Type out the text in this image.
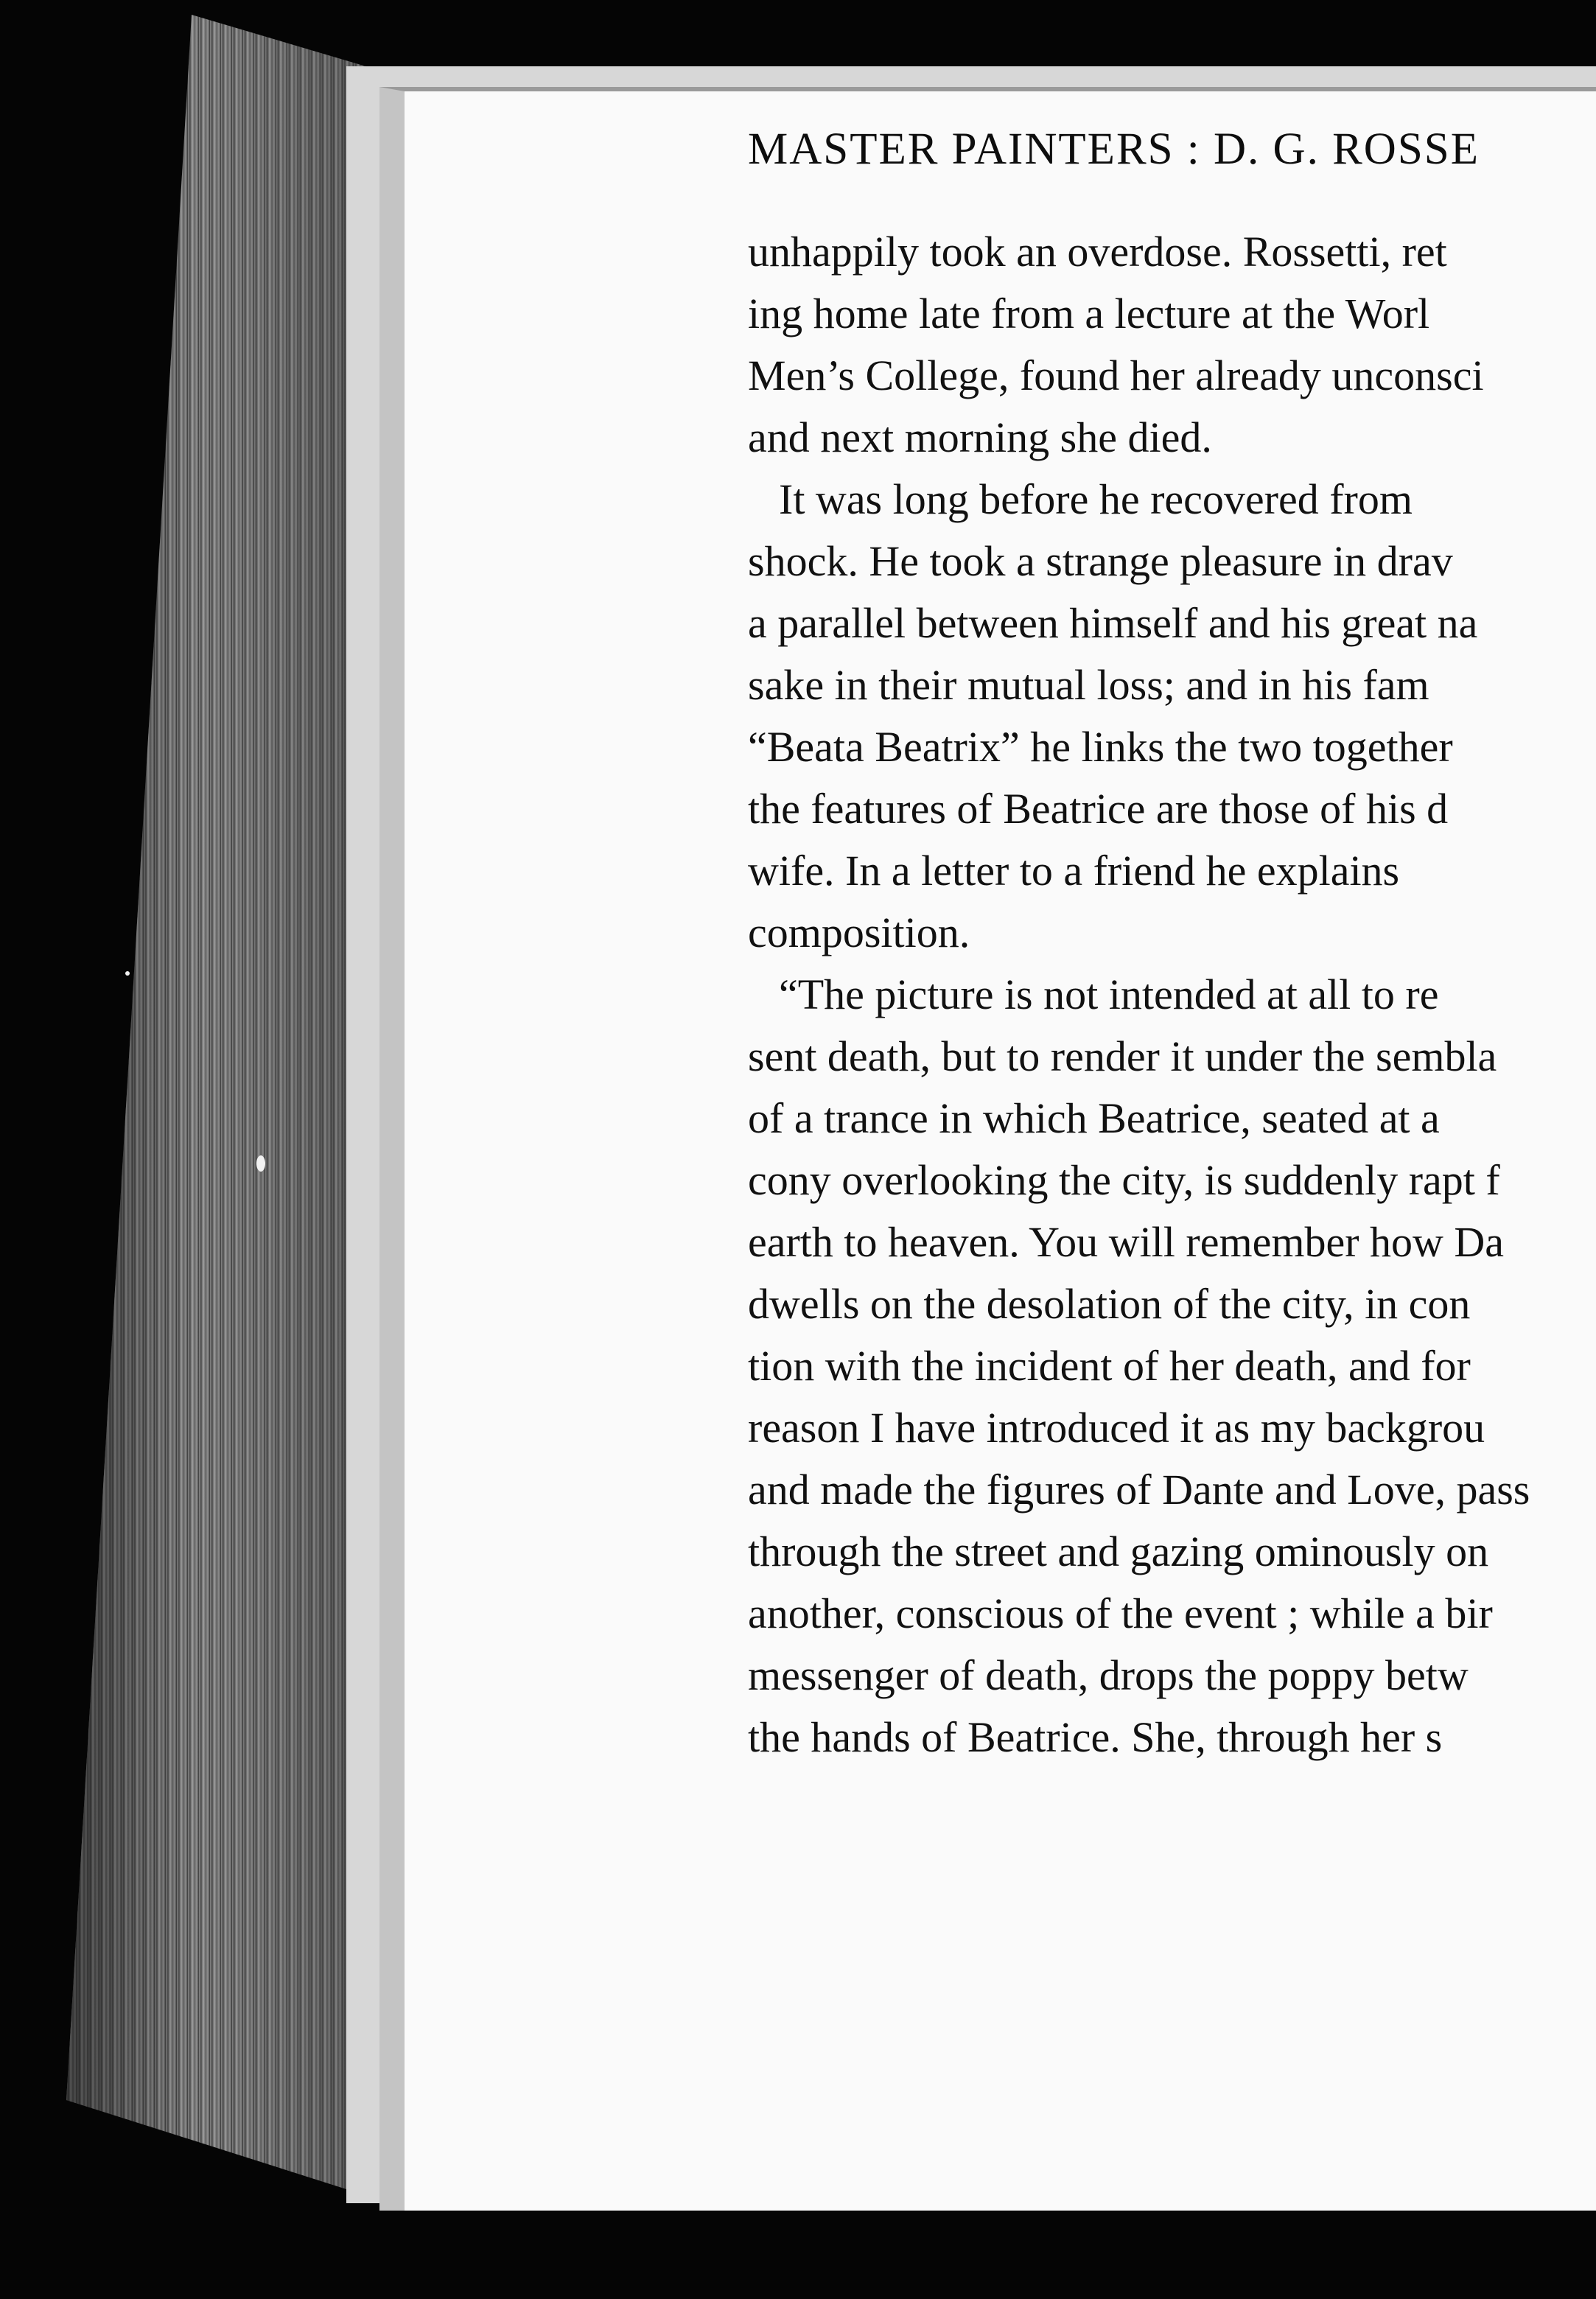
MASTER PAINTERS : D. G. ROSSE
unhappily took an overdose. Rossetti, ret
ing home late from a lecture at the Worl
Men’s College, found her already unconsci
and next morning she died.
It was long before he recovered from
shock. He took a strange pleasure in drav
a parallel between himself and his great na
sake in their mutual loss; and in his fam
“Beata Beatrix” he links the two together
the features of Beatrice are those of his d
wife. In a letter to a friend he explains
composition.
“The picture is not intended at all to re
sent death, but to render it under the sembla
of a trance in which Beatrice, seated at a
cony overlooking the city, is suddenly rapt f
earth to heaven. You will remember how Da
dwells on the desolation of the city, in con
tion with the incident of her death, and for
reason I have introduced it as my backgrou
and made the figures of Dante and Love, pass
through the street and gazing ominously on
another, conscious of the event ; while a bir
messenger of death, drops the poppy betw
the hands of Beatrice. She, through her s
